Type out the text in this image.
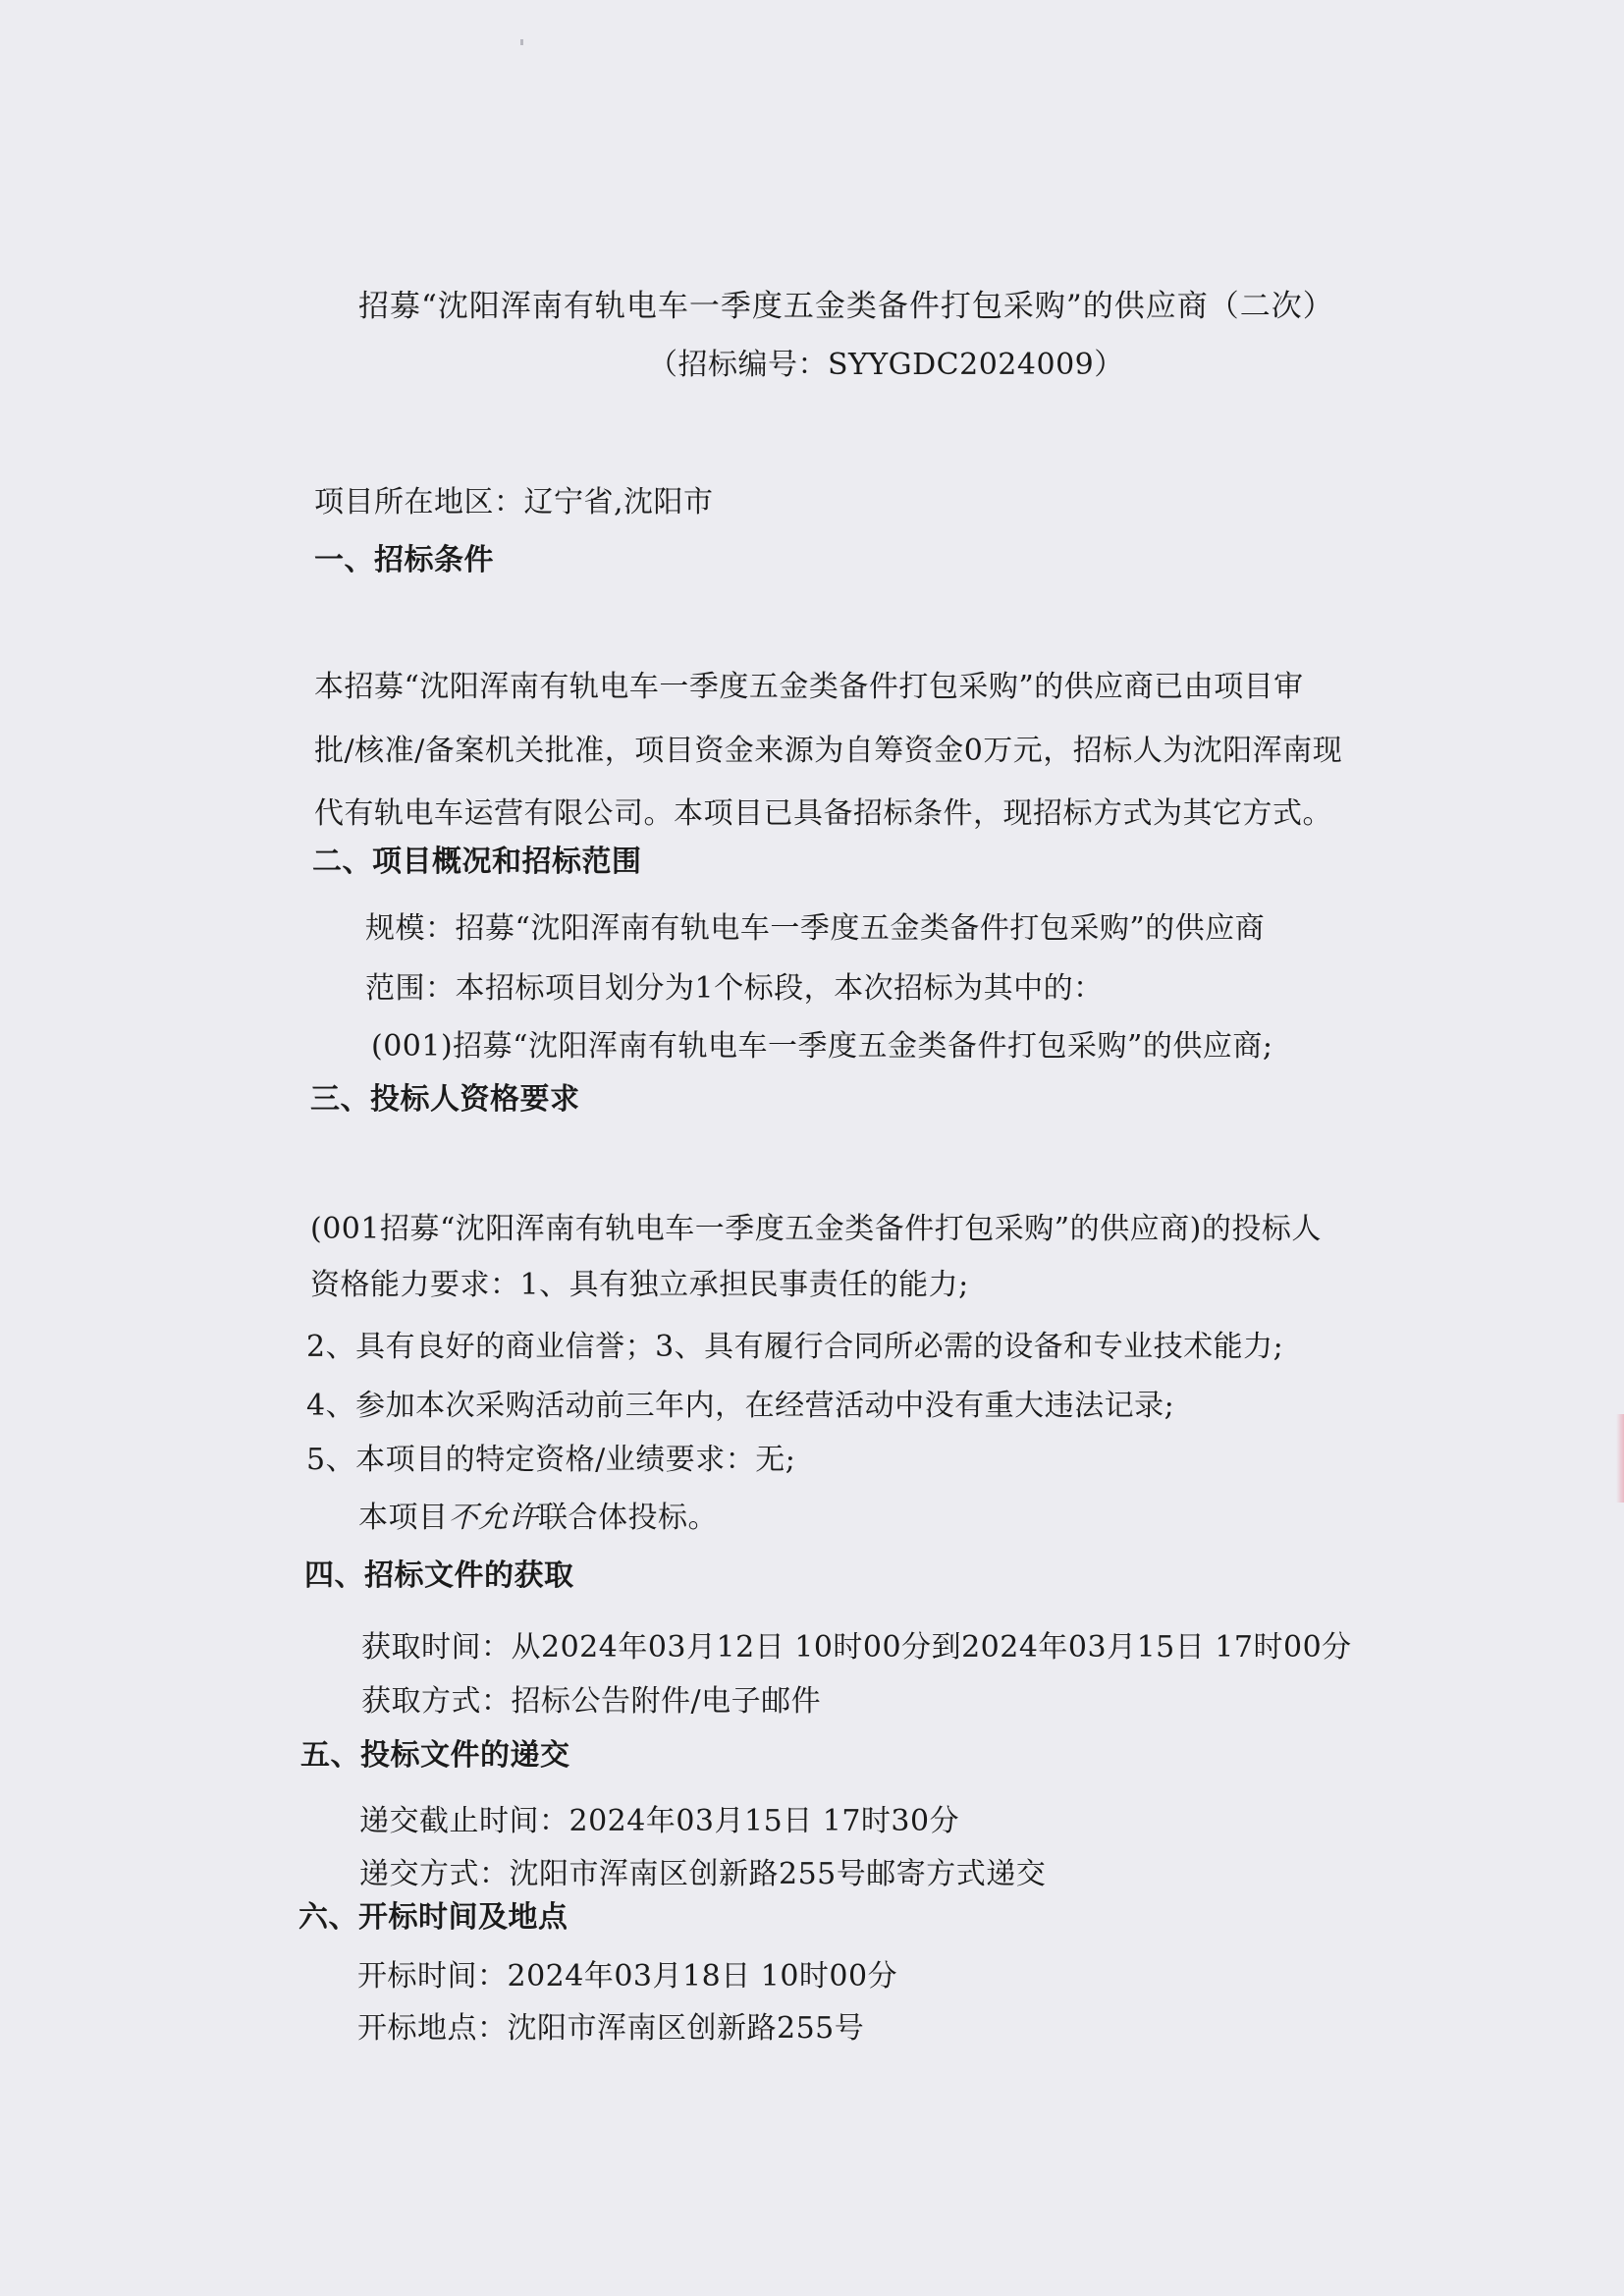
招募“沈阳浑南有轨电车一季度五金类备件打包采购”的供应商（二次）
（招标编号：SYYGDC2024009）
项目所在地区：辽宁省,沈阳市
一、招标条件
本招募“沈阳浑南有轨电车一季度五金类备件打包采购”的供应商已由项目审
批/核准/备案机关批准，项目资金来源为自筹资金0万元，招标人为沈阳浑南现
代有轨电车运营有限公司。本项目已具备招标条件，现招标方式为其它方式。
二、项目概况和招标范围
规模：招募“沈阳浑南有轨电车一季度五金类备件打包采购”的供应商
范围：本招标项目划分为1个标段，本次招标为其中的：
(001)招募“沈阳浑南有轨电车一季度五金类备件打包采购”的供应商;
三、投标人资格要求
(001招募“沈阳浑南有轨电车一季度五金类备件打包采购”的供应商)的投标人
资格能力要求：1、具有独立承担民事责任的能力;
2、具有良好的商业信誉；3、具有履行合同所必需的设备和专业技术能力;
4、参加本次采购活动前三年内，在经营活动中没有重大违法记录;
5、本项目的特定资格/业绩要求：无;
本项目不允许联合体投标。
四、招标文件的获取
获取时间：从2024年03月12日 10时00分到2024年03月15日 17时00分
获取方式：招标公告附件/电子邮件
五、投标文件的递交
递交截止时间：2024年03月15日 17时30分
递交方式：沈阳市浑南区创新路255号邮寄方式递交
六、开标时间及地点
开标时间：2024年03月18日 10时00分
开标地点：沈阳市浑南区创新路255号
